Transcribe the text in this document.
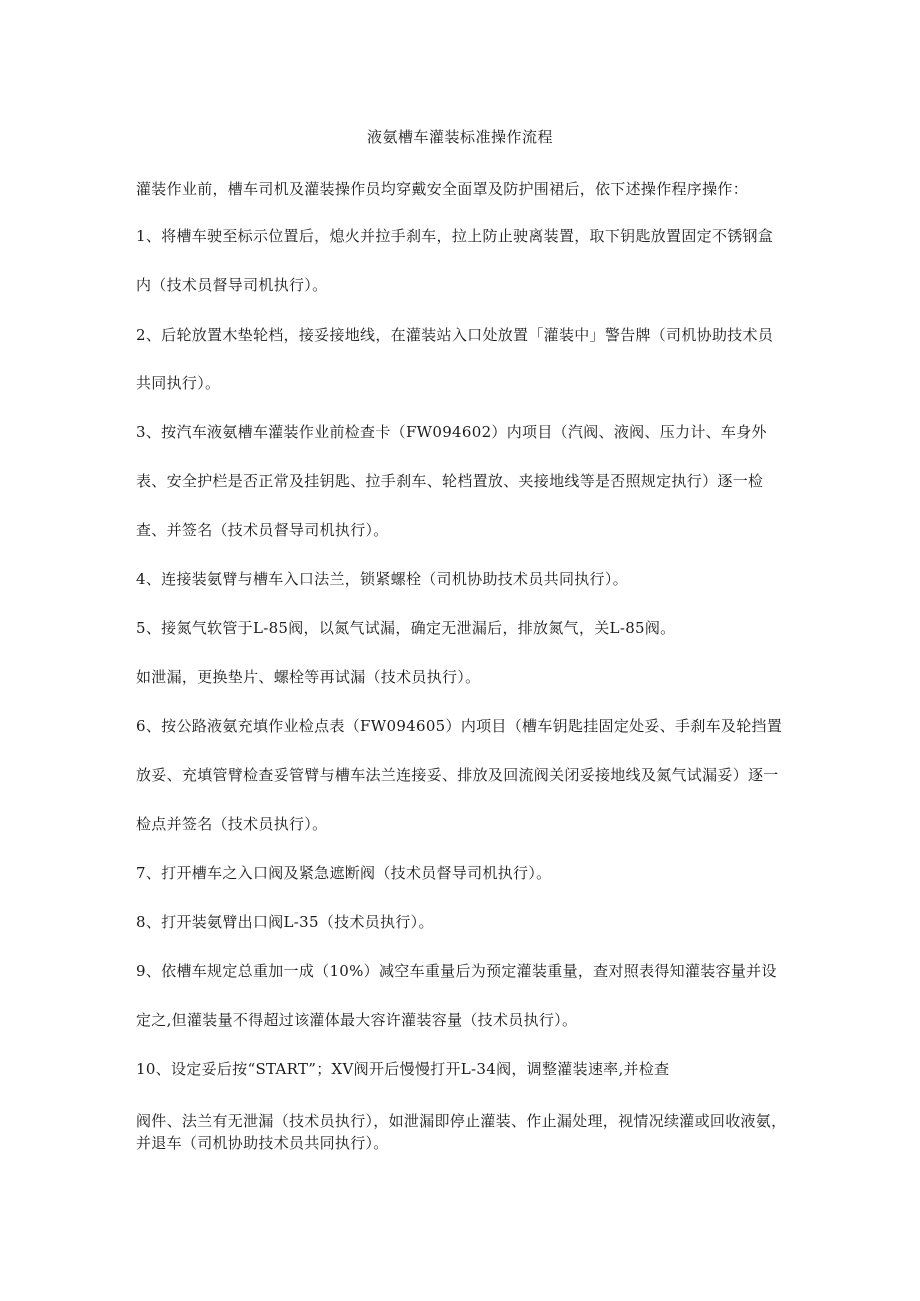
液氨槽车灌装标准操作流程
灌装作业前，槽车司机及灌装操作员均穿戴安全面罩及防护围裙后，依下述操作程序操作：
1、将槽车驶至标示位置后，熄火并拉手刹车，拉上防止驶离装置，取下钥匙放置固定不锈钢盒
内（技术员督导司机执行）。
2、后轮放置木垫轮档，接妥接地线，在灌装站入口处放置「灌装中」警告牌（司机协助技术员
共同执行）。
3、按汽车液氨槽车灌装作业前检查卡（FW094602）内项目（汽阀、液阀、压力计、车身外
表、安全护栏是否正常及挂钥匙、拉手刹车、轮档置放、夹接地线等是否照规定执行）逐一检
查、并签名（技术员督导司机执行）。
4、连接装氨臂与槽车入口法兰，锁紧螺栓（司机协助技术员共同执行）。
5、接氮气软管于L-85阀，以氮气试漏，确定无泄漏后，排放氮气，关L-85阀。
如泄漏，更换垫片、螺栓等再试漏（技术员执行）。
6、按公路液氨充填作业检点表（FW094605）内项目（槽车钥匙挂固定处妥、手刹车及轮挡置
放妥、充填管臂检查妥管臂与槽车法兰连接妥、排放及回流阀关闭妥接地线及氮气试漏妥）逐一
检点并签名（技术员执行）。
7、打开槽车之入口阀及紧急遮断阀（技术员督导司机执行）。
8、打开装氨臂出口阀L-35（技术员执行）。
9、依槽车规定总重加一成（10%）减空车重量后为预定灌装重量，查对照表得知灌装容量并设
定之,但灌装量不得超过该灌体最大容许灌装容量（技术员执行）。
10、设定妥后按“START”；XV阀开后慢慢打开L-34阀，调整灌装速率,并检查
阀件、法兰有无泄漏（技术员执行），如泄漏即停止灌装、作止漏处理，视情况续灌或回收液氨，并退车（司机协助技术员共同执行）。
